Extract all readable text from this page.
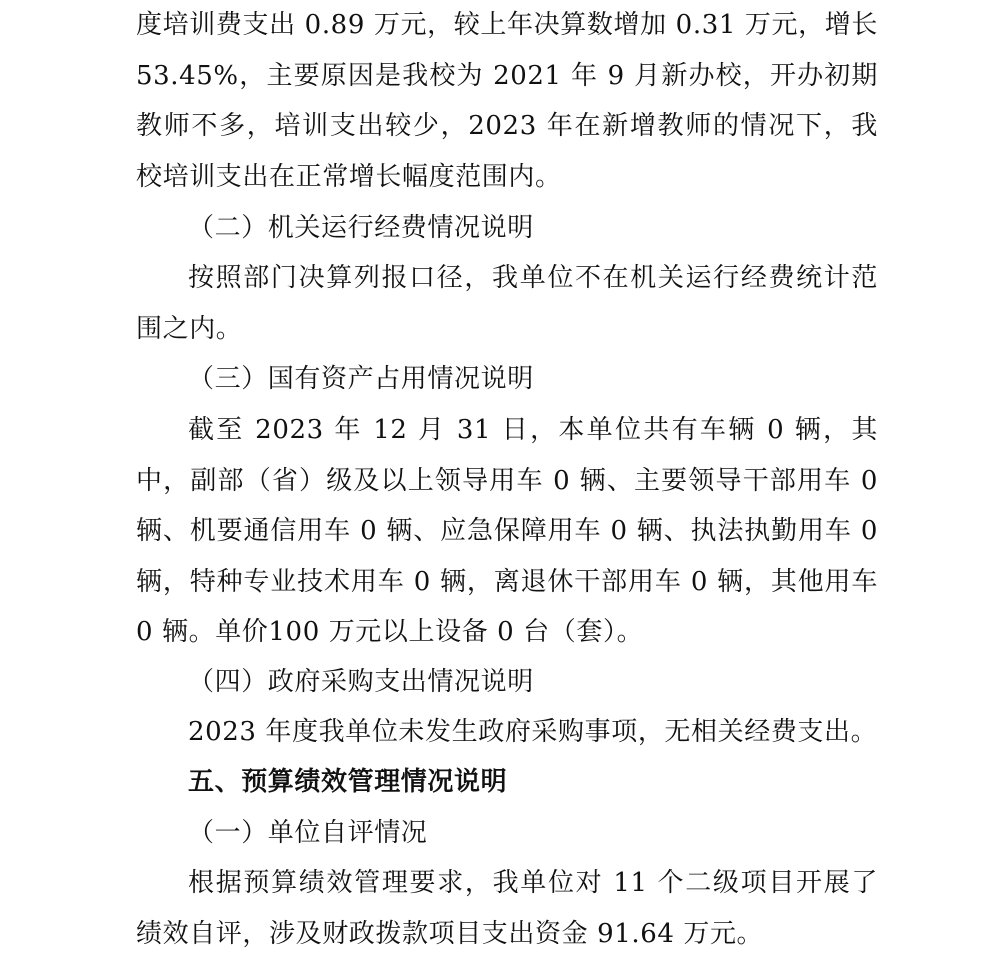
度培训费支出 0.89 万元，较上年决算数增加 0.31 万元，增长53.45%，主要原因是我校为 2021 年 9 月新办校，开办初期教师不多，培训支出较少，2023 年在新增教师的情况下，我校培训支出在正常增长幅度范围内。

（二）机关运行经费情况说明

按照部门决算列报口径，我单位不在机关运行经费统计范围之内。

（三）国有资产占用情况说明

截至 2023 年 12 月 31 日，本单位共有车辆 0 辆，其中，副部（省）级及以上领导用车 0 辆、主要领导干部用车 0 辆、机要通信用车 0 辆、应急保障用车 0 辆、执法执勤用车 0 辆，特种专业技术用车 0 辆，离退休干部用车 0 辆，其他用车 0 辆。单价100 万元以上设备 0 台（套）。

（四）政府采购支出情况说明

2023 年度我单位未发生政府采购事项，无相关经费支出。

五、预算绩效管理情况说明
（一）单位自评情况

根据预算绩效管理要求，我单位对 11 个二级项目开展了绩效自评，涉及财政拨款项目支出资金 91.64 万元。
